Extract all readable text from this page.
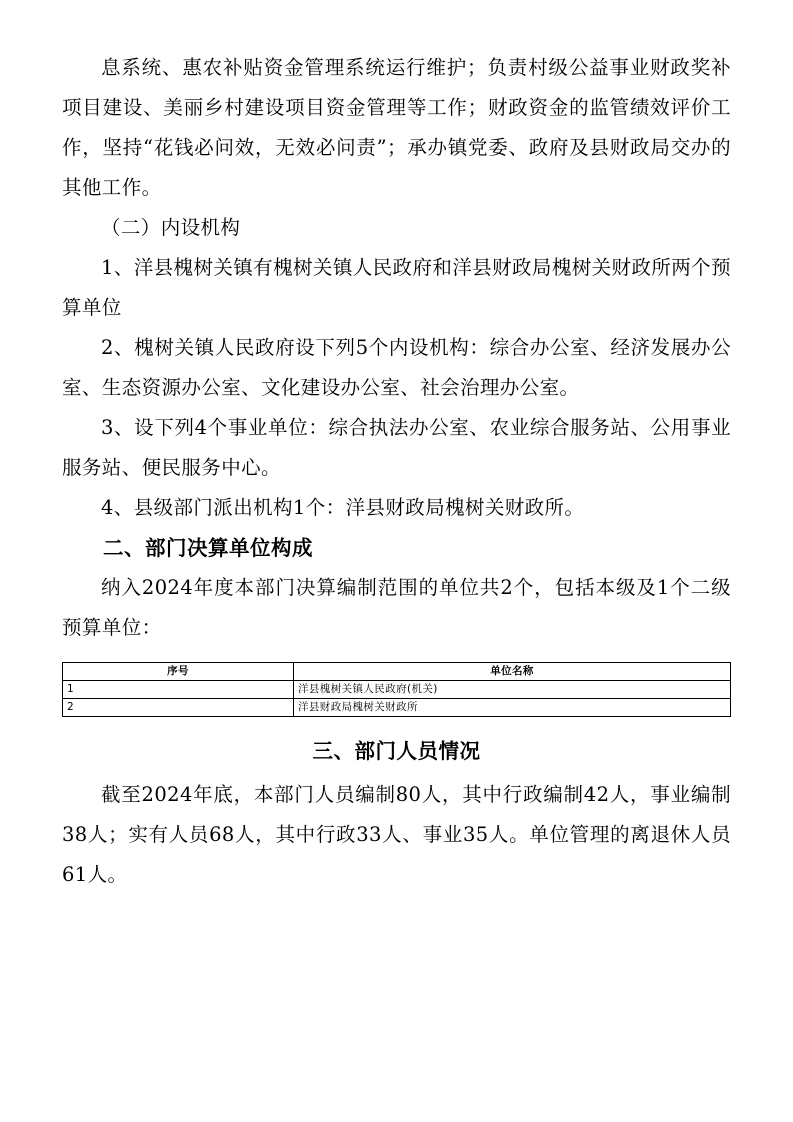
息系统、惠农补贴资金管理系统运行维护；负责村级公益事业财政奖补项目建设、美丽乡村建设项目资金管理等工作；财政资金的监管绩效评价工作，坚持“花钱必问效，无效必问责”；承办镇党委、政府及县财政局交办的其他工作。

（二）内设机构

1、洋县槐树关镇有槐树关镇人民政府和洋县财政局槐树关财政所两个预算单位

2、槐树关镇人民政府设下列5个内设机构：综合办公室、经济发展办公室、生态资源办公室、文化建设办公室、社会治理办公室。

3、设下列4个事业单位：综合执法办公室、农业综合服务站、公用事业服务站、便民服务中心。

4、县级部门派出机构1个：洋县财政局槐树关财政所。

二、部门决算单位构成

纳入2024年度本部门决算编制范围的单位共2个，包括本级及1个二级预算单位：

序号	单位名称
1	洋县槐树关镇人民政府(机关)
2	洋县财政局槐树关财政所
三、部门人员情况

截至2024年底，本部门人员编制80人，其中行政编制42人，事业编制38人；实有人员68人，其中行政33人、事业35人。单位管理的离退休人员61人。
